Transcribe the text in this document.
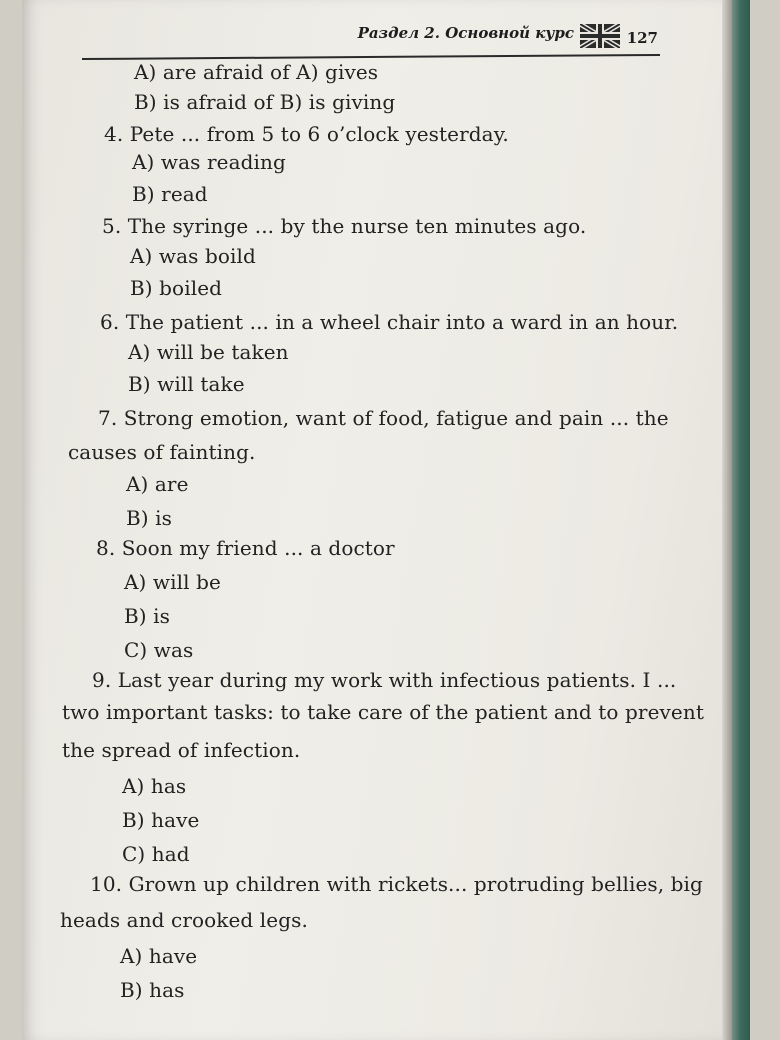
Раздел 2. Основной курс	127
A) are afraid of A) gives
B) is afraid of B) is giving
4. Pete ... from 5 to 6 o’clock yesterday.
A) was reading
B) read
5. The syringe ... by the nurse ten minutes ago.
A) was boild
B) boiled
6. The patient ... in a wheel chair into a ward in an hour.
A) will be taken
B) will take
7. Strong emotion, want of food, fatigue and pain ... the
causes of fainting.
A) are
B) is
8. Soon my friend ... a doctor
A) will be
B) is
C) was
9. Last year during my work with infectious patients. I ...
two important tasks: to take care of the patient and to prevent
the spread of infection.
A) has
B) have
C) had
10. Grown up children with rickets... protruding bellies, big
heads and crooked legs.
A) have
B) has
